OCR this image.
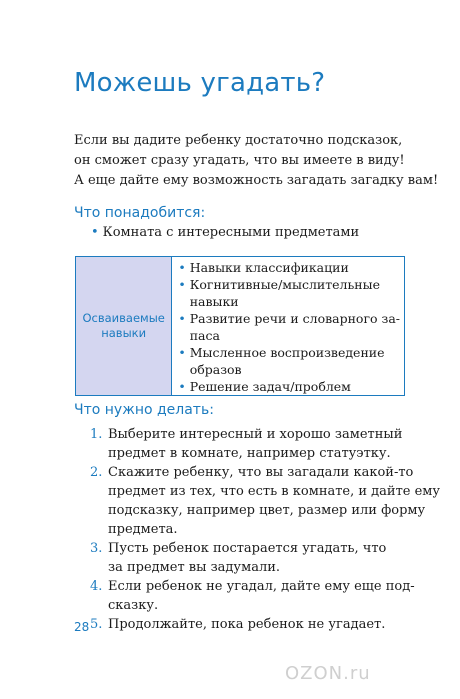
Можешь угадать?
Если вы дадите ребенку достаточно подсказок,
он сможет сразу угадать, что вы имеете в виду!
А еще дайте ему возможность загадать загадку вам!
Что понадобится:
• Комната с интересными предметами
Осваиваемые
навыки
• Навыки классификации
• Когнитивные/мыслительные
навыки
• Развитие речи и словарного за-
паса
• Мысленное воспроизведение
образов
• Решение задач/проблем
Что нужно делать:
1. Выберите интересный и хорошо заметный
предмет в комнате, например статуэтку.
2. Скажите ребенку, что вы загадали какой-то
предмет из тех, что есть в комнате, и дайте ему
подсказку, например цвет, размер или форму
предмета.
3. Пусть ребенок постарается угадать, что
за предмет вы задумали.
4. Если ребенок не угадал, дайте ему еще под-
сказку.
5. Продолжайте, пока ребенок не угадает.
28
OZON.ru
